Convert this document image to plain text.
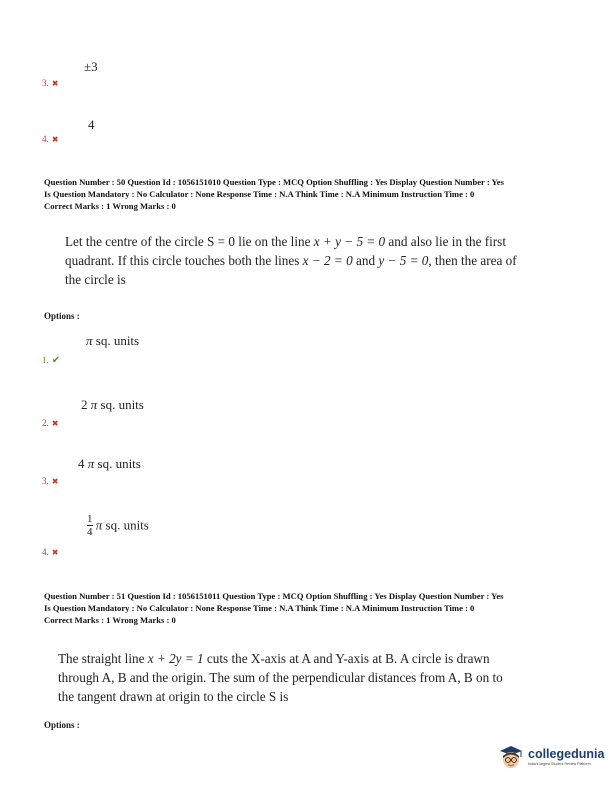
±3
3. ✖
4
4. ✖
Question Number : 50 Question Id : 1056151010 Question Type : MCQ Option Shuffling : Yes Display Question Number : Yes
Is Question Mandatory : No Calculator : None Response Time : N.A Think Time : N.A Minimum Instruction Time : 0
Correct Marks : 1 Wrong Marks : 0
Let the centre of the circle S = 0 lie on the line x + y − 5 = 0 and also lie in the first
quadrant. If this circle touches both the lines x − 2 = 0 and y − 5 = 0, then the area of
the circle is
Options :
π sq. units
1. ✔
2 π sq. units
2. ✖
4 π sq. units
3. ✖
$\frac{1}{4}$ π sq. units
4. ✖
Question Number : 51 Question Id : 1056151011 Question Type : MCQ Option Shuffling : Yes Display Question Number : Yes
Is Question Mandatory : No Calculator : None Response Time : N.A Think Time : N.A Minimum Instruction Time : 0
Correct Marks : 1 Wrong Marks : 0
The straight line x + 2y = 1 cuts the X-axis at A and Y-axis at B. A circle is drawn
through A, B and the origin. The sum of the perpendicular distances from A, B on to
the tangent drawn at origin to the circle S is
Options :
collegedunia
India's largest Student Review Platform
